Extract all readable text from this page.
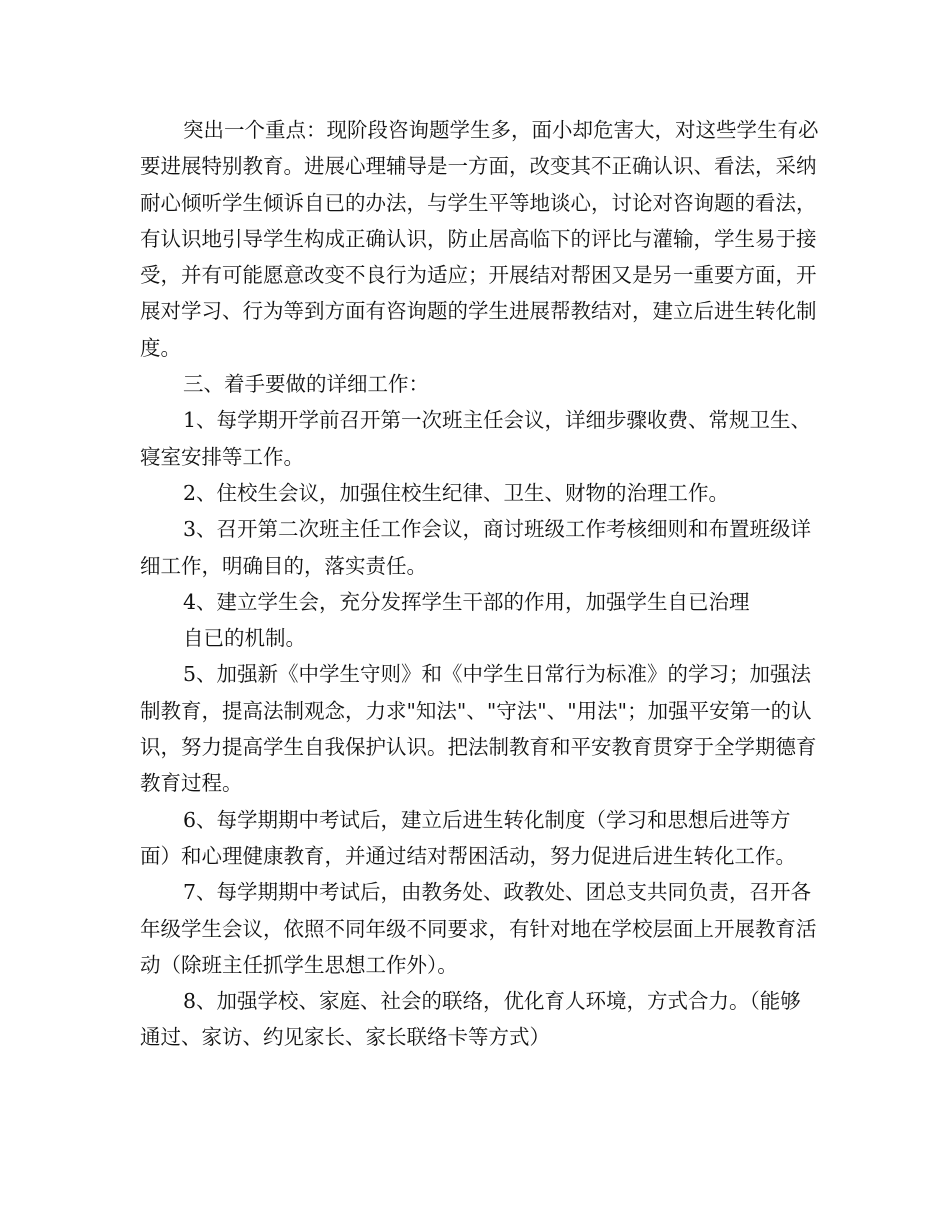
突出一个重点：现阶段咨询题学生多，面小却危害大，对这些学生有必要进展特别教育。进展心理辅导是一方面，改变其不正确认识、看法，采纳耐心倾听学生倾诉自已的办法，与学生平等地谈心，讨论对咨询题的看法，有认识地引导学生构成正确认识，防止居高临下的评比与灌输，学生易于接受，并有可能愿意改变不良行为适应；开展结对帮困又是另一重要方面，开展对学习、行为等到方面有咨询题的学生进展帮教结对，建立后进生转化制度。

三、着手要做的详细工作：

1、每学期开学前召开第一次班主任会议，详细步骤收费、常规卫生、寝室安排等工作。

2、住校生会议，加强住校生纪律、卫生、财物的治理工作。

3、召开第二次班主任工作会议，商讨班级工作考核细则和布置班级详细工作，明确目的，落实责任。

4、建立学生会，充分发挥学生干部的作用，加强学生自已治理

自已的机制。

5、加强新《中学生守则》和《中学生日常行为标准》的学习；加强法制教育，提高法制观念，力求"知法"、"守法"、"用法"；加强平安第一的认识，努力提高学生自我保护认识。把法制教育和平安教育贯穿于全学期德育教育过程。

6、每学期期中考试后，建立后进生转化制度（学习和思想后进等方面）和心理健康教育，并通过结对帮困活动，努力促进后进生转化工作。

7、每学期期中考试后，由教务处、政教处、团总支共同负责，召开各年级学生会议，依照不同年级不同要求，有针对地在学校层面上开展教育活动（除班主任抓学生思想工作外）。

8、加强学校、家庭、社会的联络，优化育人环境，方式合力。（能够通过、家访、约见家长、家长联络卡等方式）
